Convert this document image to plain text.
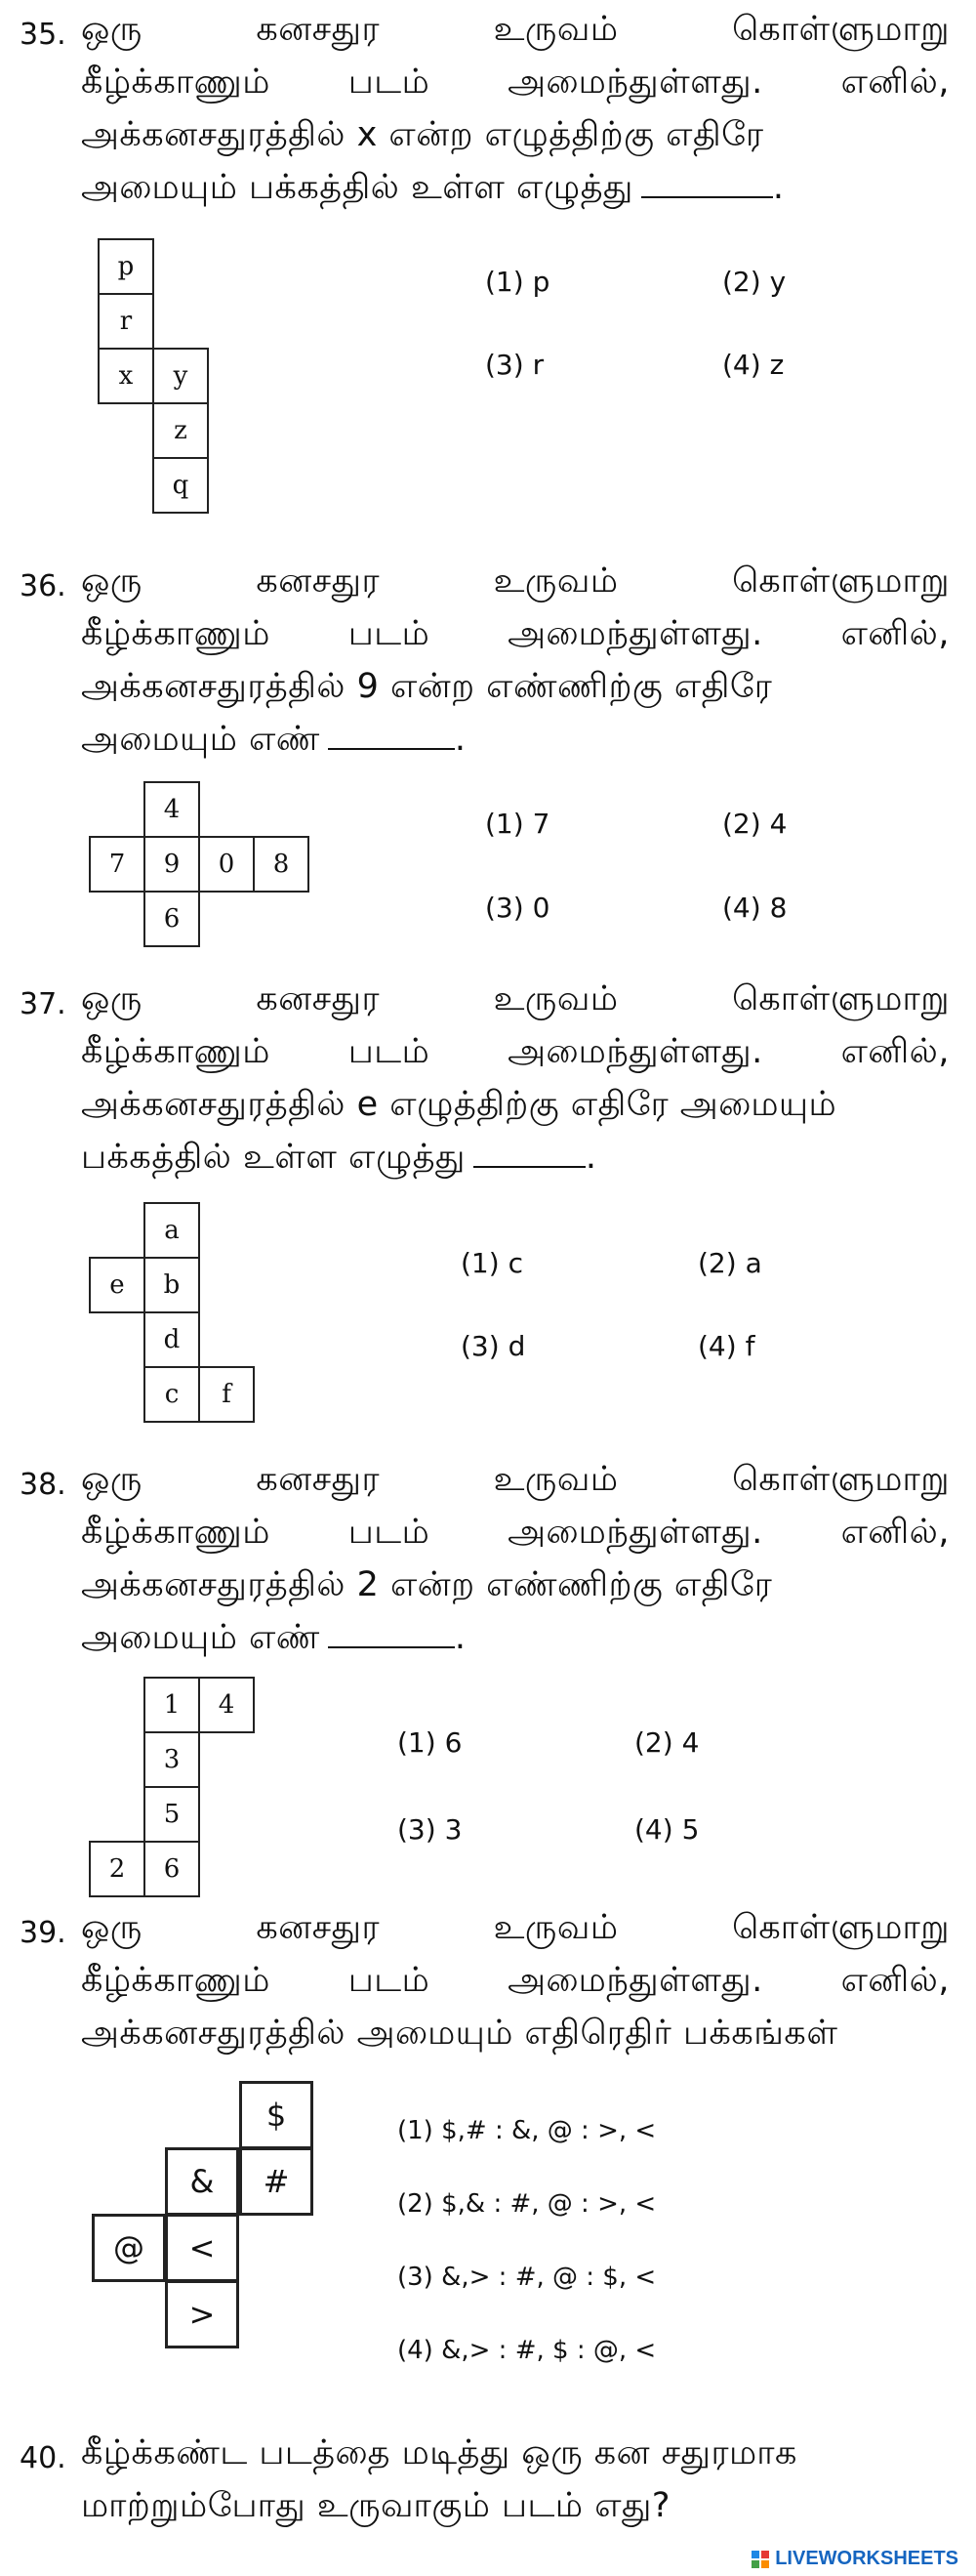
35. ஒரு	கனசதுர	உருவம்	கொள்ளுமாறு
கீழ்க்காணும் படம் அமைந்துள்ளது. எனில்,
அக்கனசதுரத்தில் x என்ற எழுத்திற்கு எதிரே
அமையும் பக்கத்தில் உள்ள எழுத்து	.
p
r
x	y
z
q
(1) p	(2) y
(3) r	(4) z
36. ஒரு	கனசதுர	உருவம்	கொள்ளுமாறு
கீழ்க்காணும் படம் அமைந்துள்ளது. எனில்,
அக்கனசதுரத்தில் 9 என்ற எண்ணிற்கு எதிரே
அமையும் எண்	.
4
7	9	0	8
6
(1) 7	(2) 4
(3) 0	(4) 8
37. ஒரு	கனசதுர	உருவம்	கொள்ளுமாறு
கீழ்க்காணும் படம் அமைந்துள்ளது. எனில்,
அக்கனசதுரத்தில் e எழுத்திற்கு எதிரே அமையும்
பக்கத்தில் உள்ள எழுத்து	.
a
e	b
d
c	f
(1) c	(2) a
(3) d	(4) f
38. ஒரு	கனசதுர	உருவம்	கொள்ளுமாறு
கீழ்க்காணும் படம் அமைந்துள்ளது. எனில்,
அக்கனசதுரத்தில் 2 என்ற எண்ணிற்கு எதிரே
அமையும் எண்	.
1	4
3
5
2	6
(1) 6	(2) 4
(3) 3	(4) 5
39. ஒரு	கனசதுர	உருவம்	கொள்ளுமாறு
கீழ்க்காணும் படம் அமைந்துள்ளது. எனில்,
அக்கனசதுரத்தில் அமையும் எதிரெதிர் பக்கங்கள்
$
&	#
@	<
>
(1) $,# : &, @ : >, <
(2) $,& : #, @ : >, <
(3) &,> : #, @ : $, <
(4) &,> : #, $ : @, <
40. கீழ்க்கண்ட படத்தை மடித்து ஒரு கன சதுரமாக
மாற்றும்போது உருவாகும் படம் எது?
LIVEWORKSHEETS
